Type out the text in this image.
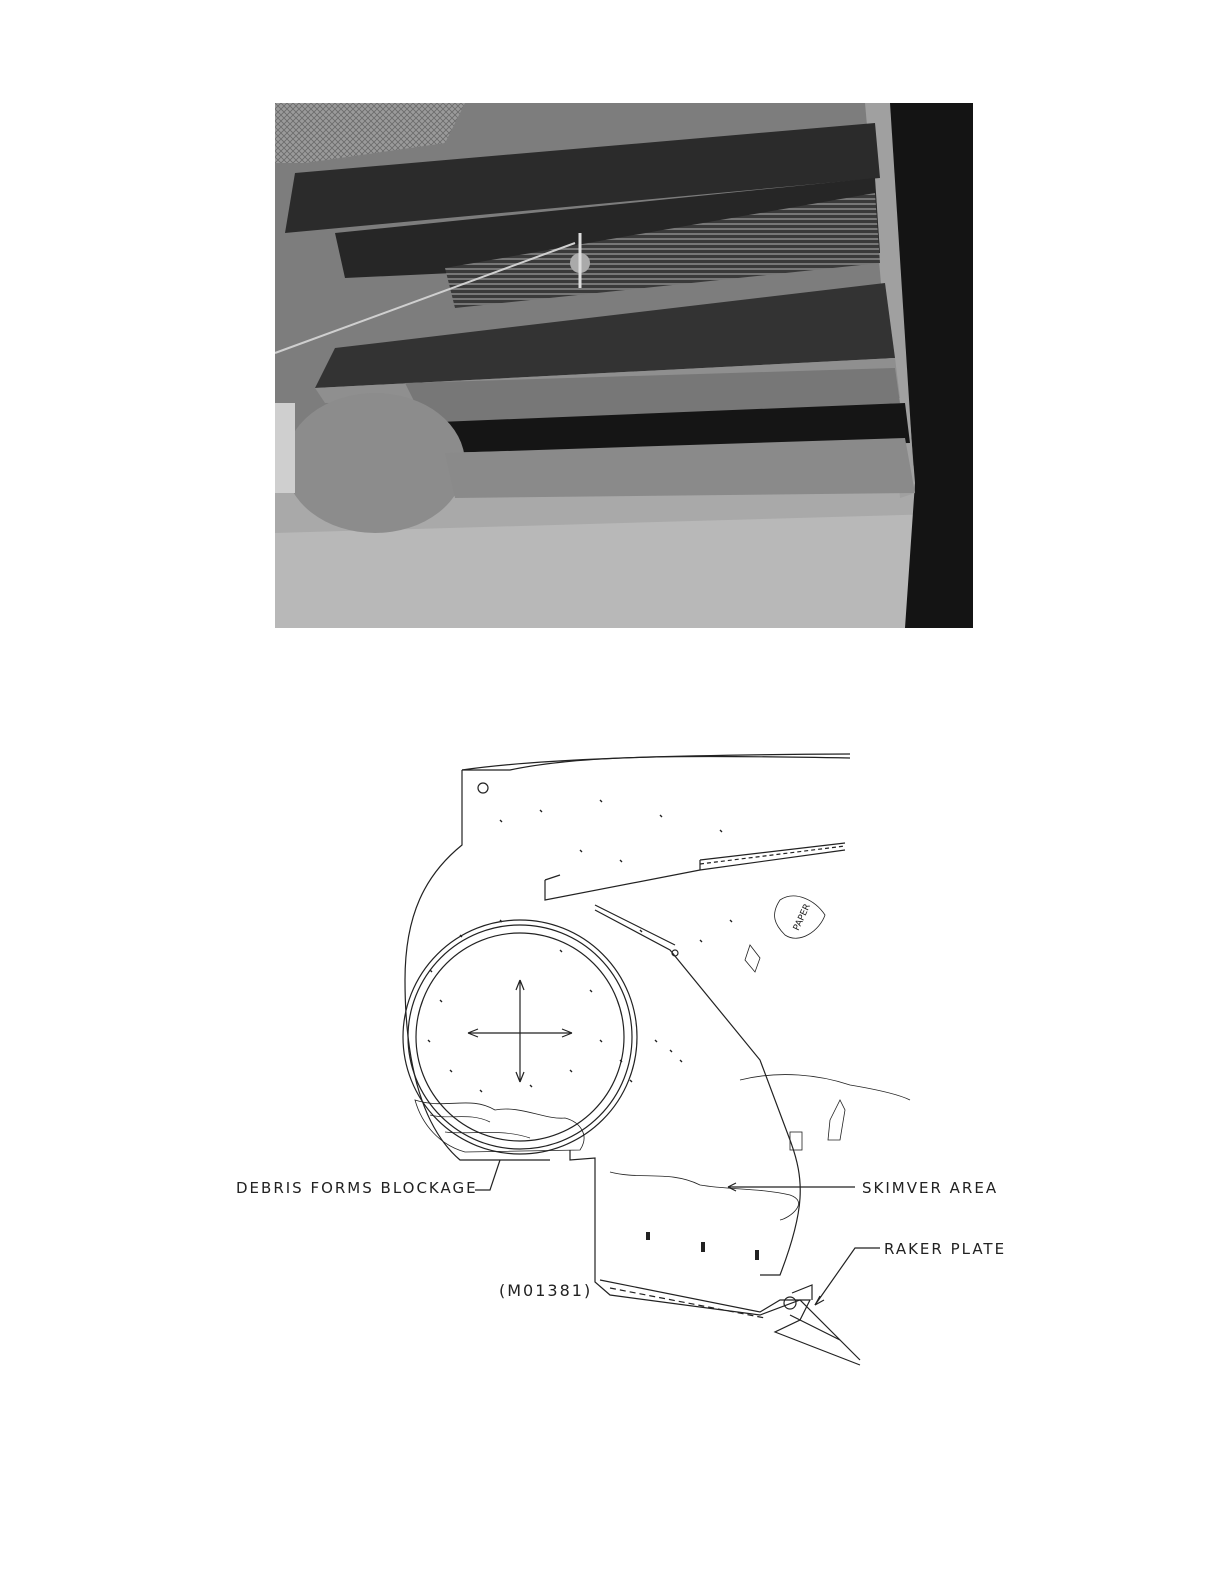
PAPER
DEBRIS FORMS BLOCKAGE	SKIMVER AREA
RAKER PLATE
(M01381)
